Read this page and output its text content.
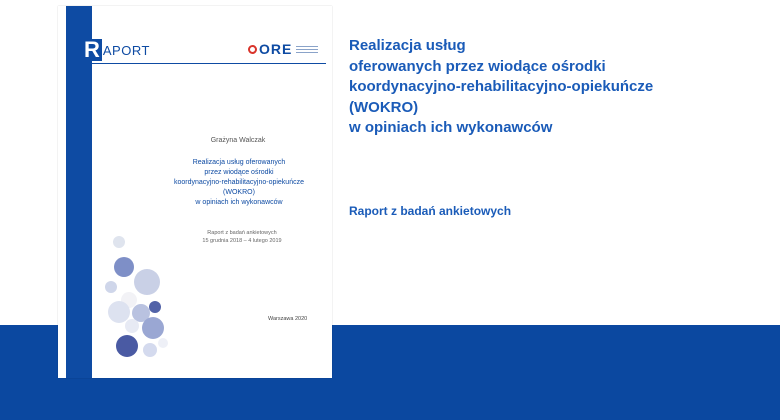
R APORT	ORE
Grażyna Walczak
Realizacja usług oferowanych
przez wiodące ośrodki
koordynacyjno-rehabilitacyjno-opiekuńcze
(WOKRO)
w opiniach ich wykonawców
Raport z badań ankietowych
15 grudnia 2018 – 4 lutego 2019
Warszawa 2020
Realizacja usług
oferowanych przez wiodące ośrodki
koordynacyjno-rehabilitacyjno-opiekuńcze
(WOKRO)
w opiniach ich wykonawców
Raport z badań ankietowych
